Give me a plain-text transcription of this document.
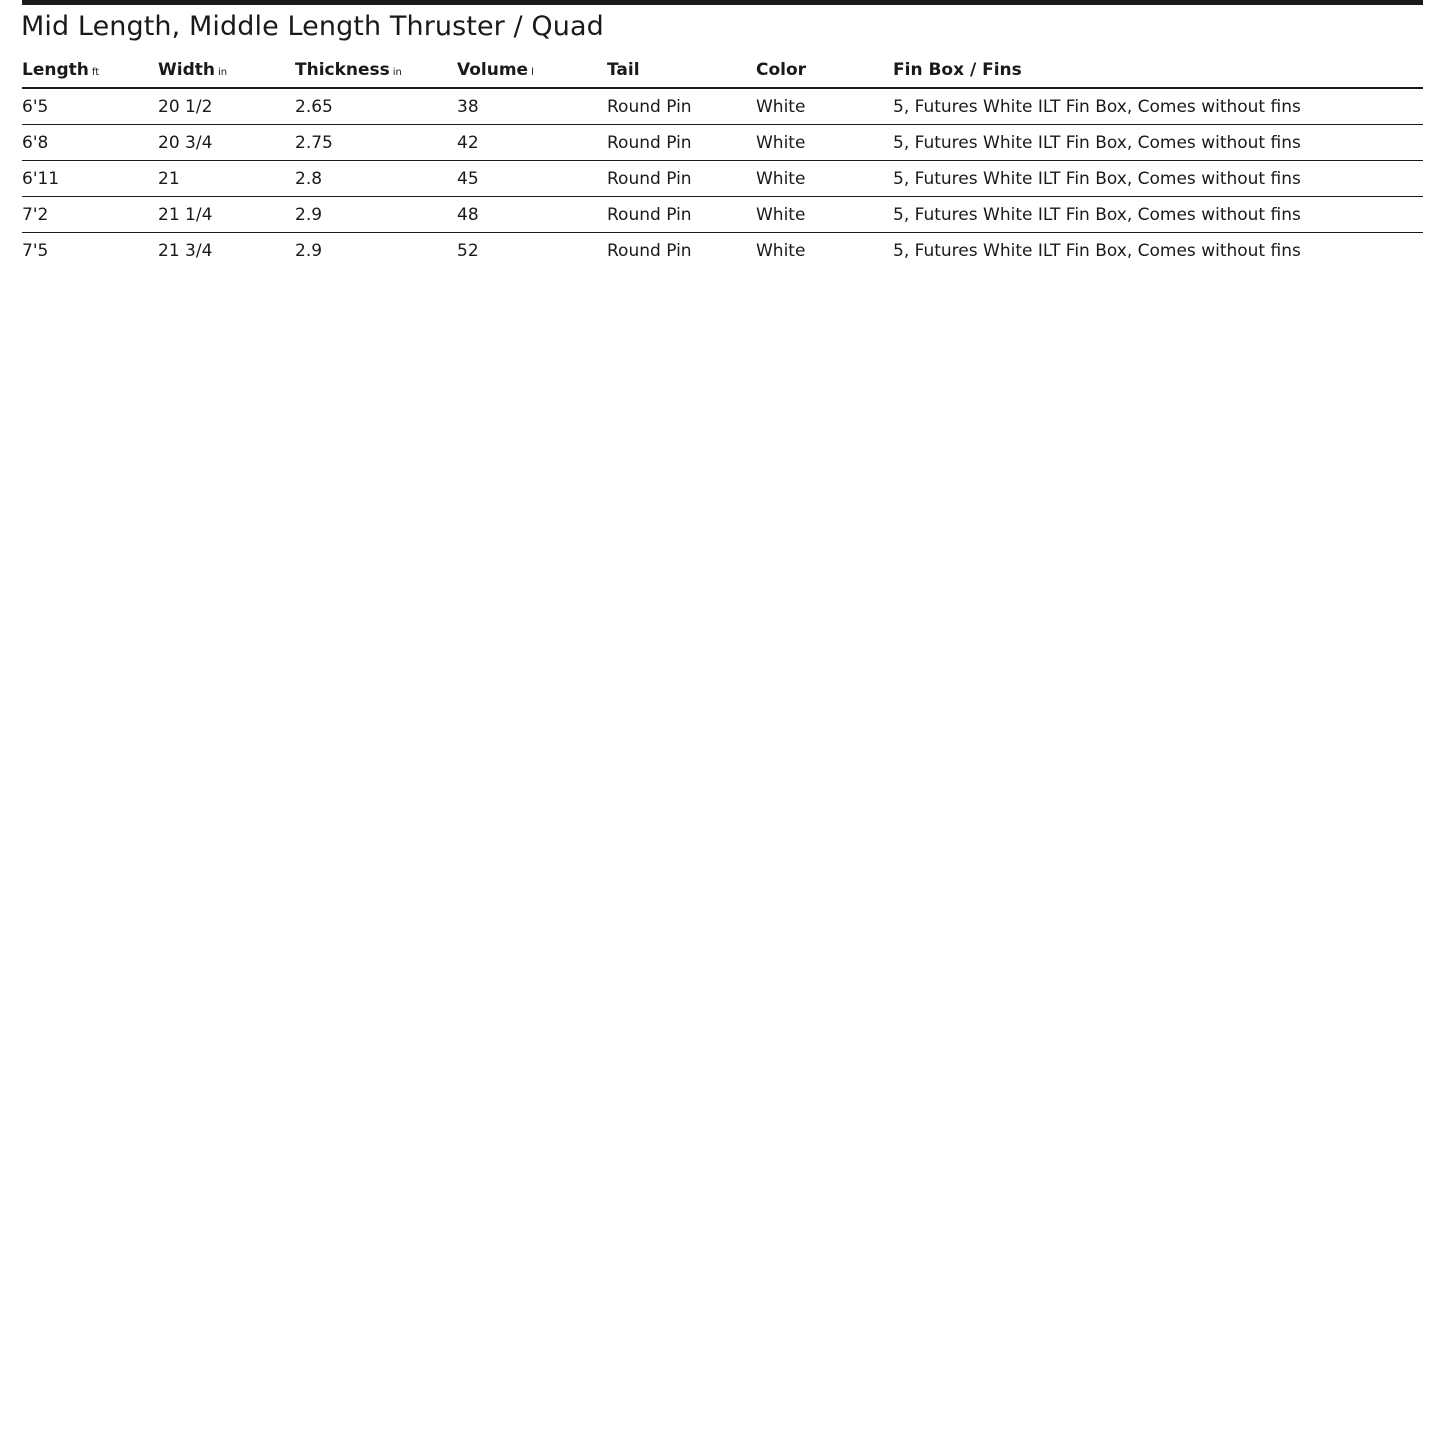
Mid Length, Middle Length Thruster / Quad
Length ft	Width in	Thickness in	Volume l	Tail	Color	Fin Box / Fins
6'5	20 1/2	2.65	38	Round Pin	White	5, Futures White ILT Fin Box, Comes without fins
6'8	20 3/4	2.75	42	Round Pin	White	5, Futures White ILT Fin Box, Comes without fins
6'11	21	2.8	45	Round Pin	White	5, Futures White ILT Fin Box, Comes without fins
7'2	21 1/4	2.9	48	Round Pin	White	5, Futures White ILT Fin Box, Comes without fins
7'5	21 3/4	2.9	52	Round Pin	White	5, Futures White ILT Fin Box, Comes without fins
